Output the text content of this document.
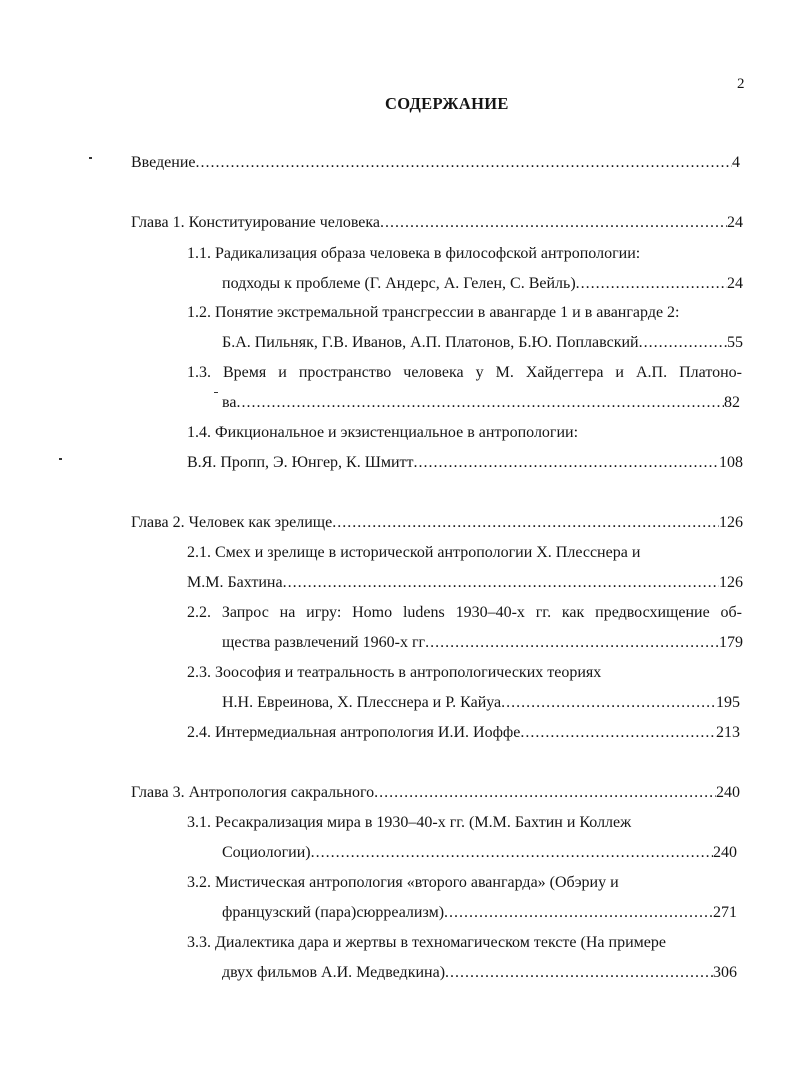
2
СОДЕРЖАНИЕ
Введение .....	4
Глава 1. Конституирование человека .....	24
1.1. Радикализация образа человека в философской антропологии:
подходы к проблеме (Г. Андерс, А. Гелен, С. Вейль) .....	24
1.2. Понятие экстремальной трансгрессии в авангарде 1 и в авангарде 2:
Б.А. Пильняк, Г.В. Иванов, А.П. Платонов, Б.Ю. Поплавский .....	55
1.3. Время и пространство человека у М. Хайдеггера и А.П. Платоно-
ва .....	82
1.4. Фикциональное и экзистенциальное в антропологии:
В.Я. Пропп, Э. Юнгер, К. Шмитт .....	108
Глава 2. Человек как зрелище .....	126
2.1. Смех и зрелище в исторической антропологии Х. Плесснера и
М.М. Бахтина .....	126
2.2. Запрос на игру: Homo ludens 1930–40-х гг. как предвосхищение об-
щества развлечений 1960-х гг .....	179
2.3. Зоософия и театральность в антропологических теориях
Н.Н. Евреинова, Х. Плесснера и Р. Кайуа .....	195
2.4. Интермедиальная антропология И.И. Иоффе .....	213
Глава 3. Антропология сакрального .....	240
3.1. Ресакрализация мира в 1930–40-х гг. (М.М. Бахтин и Коллеж
Социологии) .....	240
3.2. Мистическая антропология «второго авангарда» (Обэриу и
французский (пара)сюрреализм) .....	271
3.3. Диалектика дара и жертвы в техномагическом тексте (На примере
двух фильмов А.И. Медведкина) .....	306
